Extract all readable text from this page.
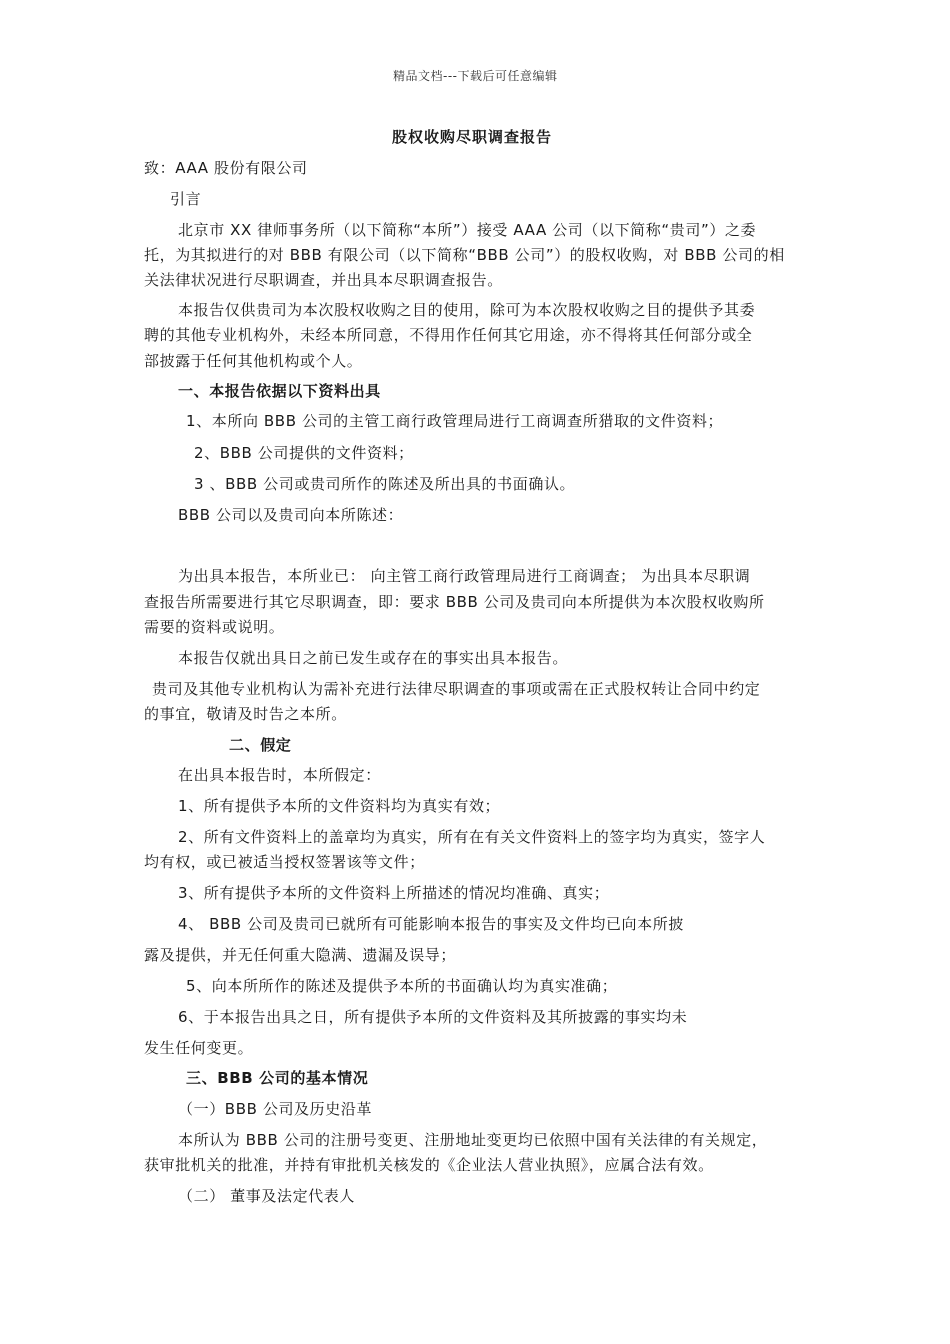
精品文档---下载后可任意编辑
股权收购尽职调查报告
致：AAA 股份有限公司
引言
北京市 XX 律师事务所（以下简称“本所”）接受 AAA 公司（以下简称“贵司”）之委
托，为其拟进行的对 BBB 有限公司（以下简称“BBB 公司”）的股权收购，对 BBB 公司的相
关法律状况进行尽职调查，并出具本尽职调查报告。
本报告仅供贵司为本次股权收购之目的使用，除可为本次股权收购之目的提供予其委
聘的其他专业机构外，未经本所同意，不得用作任何其它用途，亦不得将其任何部分或全
部披露于任何其他机构或个人。
一、本报告依据以下资料出具
1、本所向 BBB 公司的主管工商行政管理局进行工商调查所猎取的文件资料；
2、BBB 公司提供的文件资料；
3 、BBB 公司或贵司所作的陈述及所出具的书面确认。
BBB 公司以及贵司向本所陈述：
为出具本报告，本所业已： 向主管工商行政管理局进行工商调查； 为出具本尽职调
查报告所需要进行其它尽职调查，即：要求 BBB 公司及贵司向本所提供为本次股权收购所
需要的资料或说明。
本报告仅就出具日之前已发生或存在的事实出具本报告。
贵司及其他专业机构认为需补充进行法律尽职调查的事项或需在正式股权转让合同中约定
的事宜，敬请及时告之本所。
二、假定
在出具本报告时，本所假定：
1、所有提供予本所的文件资料均为真实有效；
2、所有文件资料上的盖章均为真实，所有在有关文件资料上的签字均为真实，签字人
均有权，或已被适当授权签署该等文件；
3、所有提供予本所的文件资料上所描述的情况均准确、真实；
4、 BBB 公司及贵司已就所有可能影响本报告的事实及文件均已向本所披
露及提供，并无任何重大隐满、遗漏及误导；
5、向本所所作的陈述及提供予本所的书面确认均为真实准确；
6、于本报告出具之日，所有提供予本所的文件资料及其所披露的事实均未
发生任何变更。
三、BBB 公司的基本情况
（一）BBB 公司及历史沿革
本所认为 BBB 公司的注册号变更、注册地址变更均已依照中国有关法律的有关规定，
获审批机关的批准，并持有审批机关核发的《企业法人营业执照》，应属合法有效。
（二） 董事及法定代表人
